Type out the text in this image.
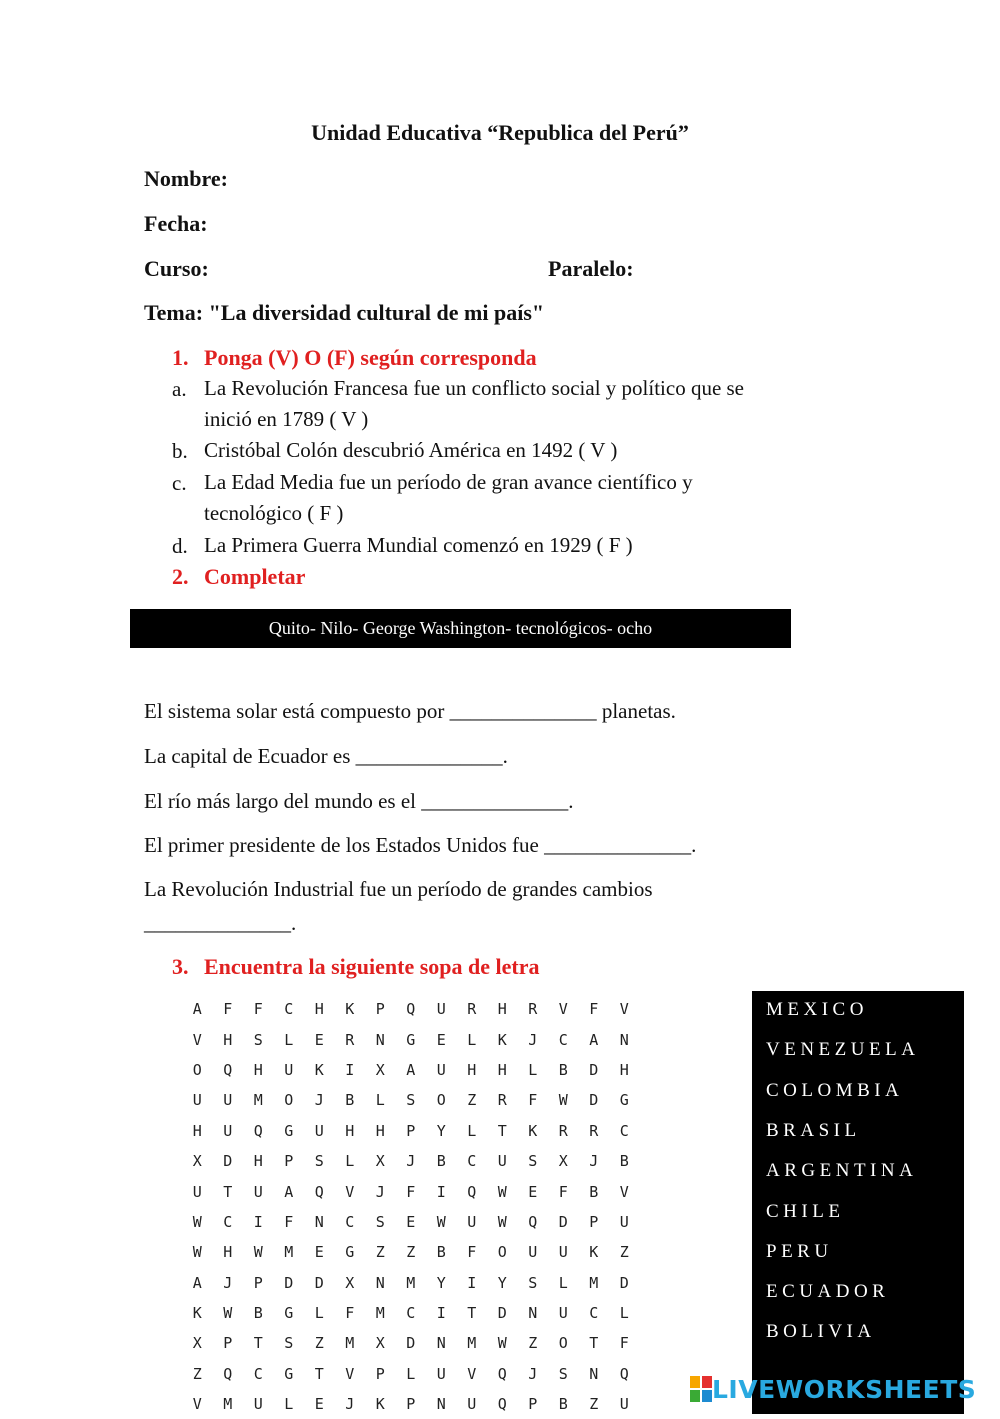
Unidad Educativa “Republica del Perú”
Nombre:
Fecha:
Curso:	Paralelo:
Tema: "La diversidad cultural de mi país"
1. Ponga (V) O (F) según corresponda
a. La Revolución Francesa fue un conflicto social y político que se
inició en 1789 ( V )
b. Cristóbal Colón descubrió América en 1492 ( V )
c. La Edad Media fue un período de gran avance científico y
tecnológico ( F )
d. La Primera Guerra Mundial comenzó en 1929 ( F )
2. Completar
Quito- Nilo- George Washington- tecnológicos- ocho
El sistema solar está compuesto por ______________ planetas.
La capital de Ecuador es ______________.
El río más largo del mundo es el ______________.
El primer presidente de los Estados Unidos fue ______________.
La Revolución Industrial fue un período de grandes cambios
______________.
3. Encuentra la siguiente sopa de letra
A	F	F	C	H	K	P	Q	U	R	H	R	V	F	V
V	H	S	L	E	R	N	G	E	L	K	J	C	A	N
O	Q	H	U	K	I	X	A	U	H	H	L	B	D	H
U	U	M	O	J	B	L	S	O	Z	R	F	W	D	G
H	U	Q	G	U	H	H	P	Y	L	T	K	R	R	C
X	D	H	P	S	L	X	J	B	C	U	S	X	J	B
U	T	U	A	Q	V	J	F	I	Q	W	E	F	B	V
W	C	I	F	N	C	S	E	W	U	W	Q	D	P	U
W	H	W	M	E	G	Z	Z	B	F	O	U	U	K	Z
A	J	P	D	D	X	N	M	Y	I	Y	S	L	M	D
K	W	B	G	L	F	M	C	I	T	D	N	U	C	L
X	P	T	S	Z	M	X	D	N	M	W	Z	O	T	F
Z	Q	C	G	T	V	P	L	U	V	Q	J	S	N	Q
V	M	U	L	E	J	K	P	N	U	Q	P	B	Z	U
MEXICO
VENEZUELA
COLOMBIA
BRASIL
ARGENTINA
CHILE
PERU
ECUADOR
BOLIVIA
LIVEWORKSHEETS
